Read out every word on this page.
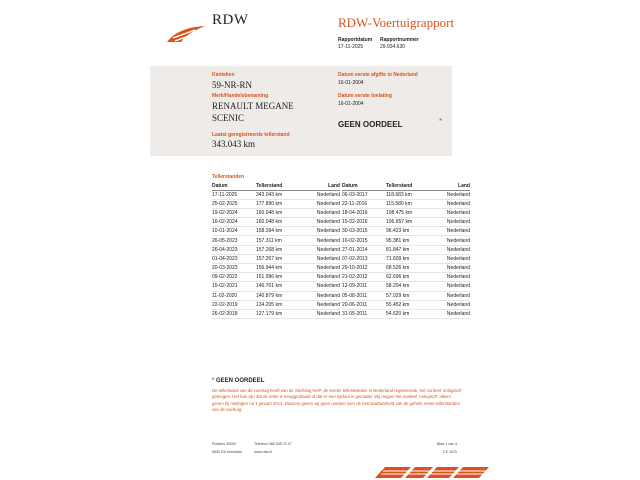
RDW	RDW-Voertuigrapport
Rapportdatum
17-11-2025
Rapportnummer
29.934.630
Kenteken
59-NR-RN
Merk/Handelsbenaming
RENAULT MEGANE
SCENIC
Laatst geregistreerde tellerstand
343.043 km
Datum eerste afgifte in Nederland
16-01-2004
Datum eerste toelating
16-01-2004
GEEN OORDEEL	*
Tellerstanden
Datum	Tellerstand	Land
17-11-2025	343.043 km	Nederland
25-02-2025	177.890 km	Nederland
19-02-2024	160.048 km	Nederland
16-02-2024	160.048 km	Nederland
10-01-2024	158.394 km	Nederland
26-05-2023	157.311 km	Nederland
26-04-2023	157.268 km	Nederland
01-04-2023	157.267 km	Nederland
20-03-2023	156.944 km	Nederland
09-02-2022	151.996 km	Nederland
15-02-2021	146.701 km	Nederland
11-02-2020	140.879 km	Nederland
22-02-2019	134.205 km	Nederland
26-02-2018	127.179 km	Nederland
Datum	Tellerstand	Land
06-03-2017	118.683 km	Nederland
22-11-2016	115.580 km	Nederland
18-04-2016	108.475 km	Nederland
15-02-2016	106.657 km	Nederland
30-03-2015	96.423 km	Nederland
16-02-2015	95.381 km	Nederland
27-01-2014	81.847 km	Nederland
07-02-2013	71.609 km	Nederland
29-10-2012	68.526 km	Nederland
21-02-2012	62.696 km	Nederland
12-09-2011	58.204 km	Nederland
05-08-2011	57.029 km	Nederland
20-06-2011	55.452 km	Nederland
31-05-2011	54.620 km	Nederland
* GEEN OORDEEL
De tellerstand van dit voertuig heeft van de Stichting NAP, de eerder tellerstanden in Nederland registreerde, het oordeel 'onlogisch' gekregen. Het kan zijn dat de teller is teruggedraaid of dat er een typfout is gemaakt. Wij mogen het oordeel 'onlogisch' alleen geven bij metingen na 1 januari 2014. Daarom geven wij geen oordeel over de betrouwbaarheid van de gehele reeks tellerstanden van dit voertuig.
Postbus 30000
9640 RA Veendam
Telefoon 088 008 70 47
www.rdw.nl
Blad 1 van 4
3 E 1670
